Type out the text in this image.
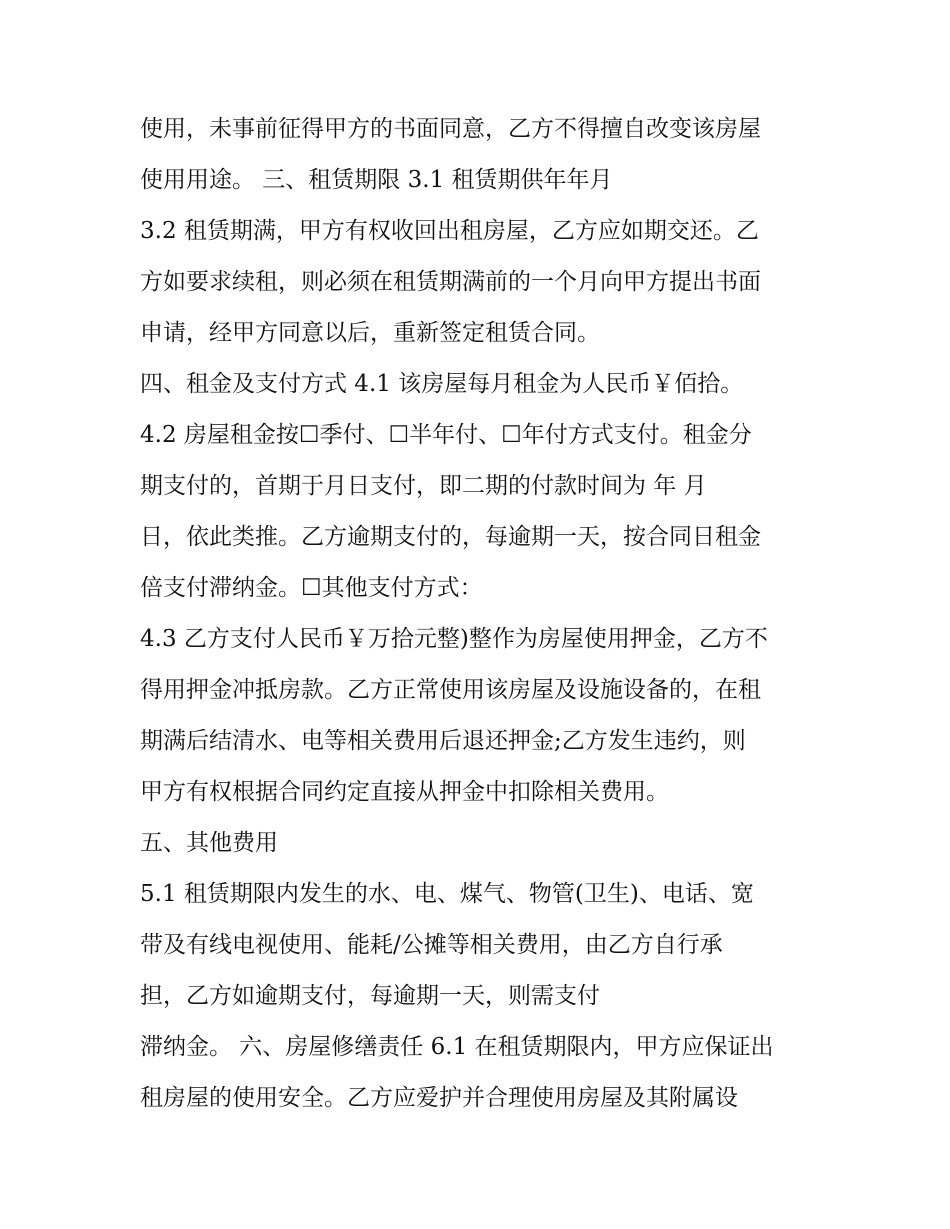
使用，未事前征得甲方的书面同意，乙方不得擅自改变该房屋
使用用途。 三、租赁期限 3.1 租赁期供年年月
3.2 租赁期满，甲方有权收回出租房屋，乙方应如期交还。乙
方如要求续租，则必须在租赁期满前的一个月向甲方提出书面
申请，经甲方同意以后，重新签定租赁合同。
四、租金及支付方式 4.1 该房屋每月租金为人民币￥佰拾。
4.2 房屋租金按☐季付、☐半年付、☐年付方式支付。租金分
期支付的，首期于月日支付，即二期的付款时间为 年 月
日，依此类推。乙方逾期支付的，每逾期一天，按合同日租金
倍支付滞纳金。☐其他支付方式：
4.3 乙方支付人民币￥万拾元整)整作为房屋使用押金，乙方不
得用押金冲抵房款。乙方正常使用该房屋及设施设备的，在租
期满后结清水、电等相关费用后退还押金;乙方发生违约，则
甲方有权根据合同约定直接从押金中扣除相关费用。
五、其他费用
5.1 租赁期限内发生的水、电、煤气、物管(卫生)、电话、宽
带及有线电视使用、能耗/公摊等相关费用，由乙方自行承
担，乙方如逾期支付，每逾期一天，则需支付
滞纳金。 六、房屋修缮责任 6.1 在租赁期限内，甲方应保证出
租房屋的使用安全。乙方应爱护并合理使用房屋及其附属设
